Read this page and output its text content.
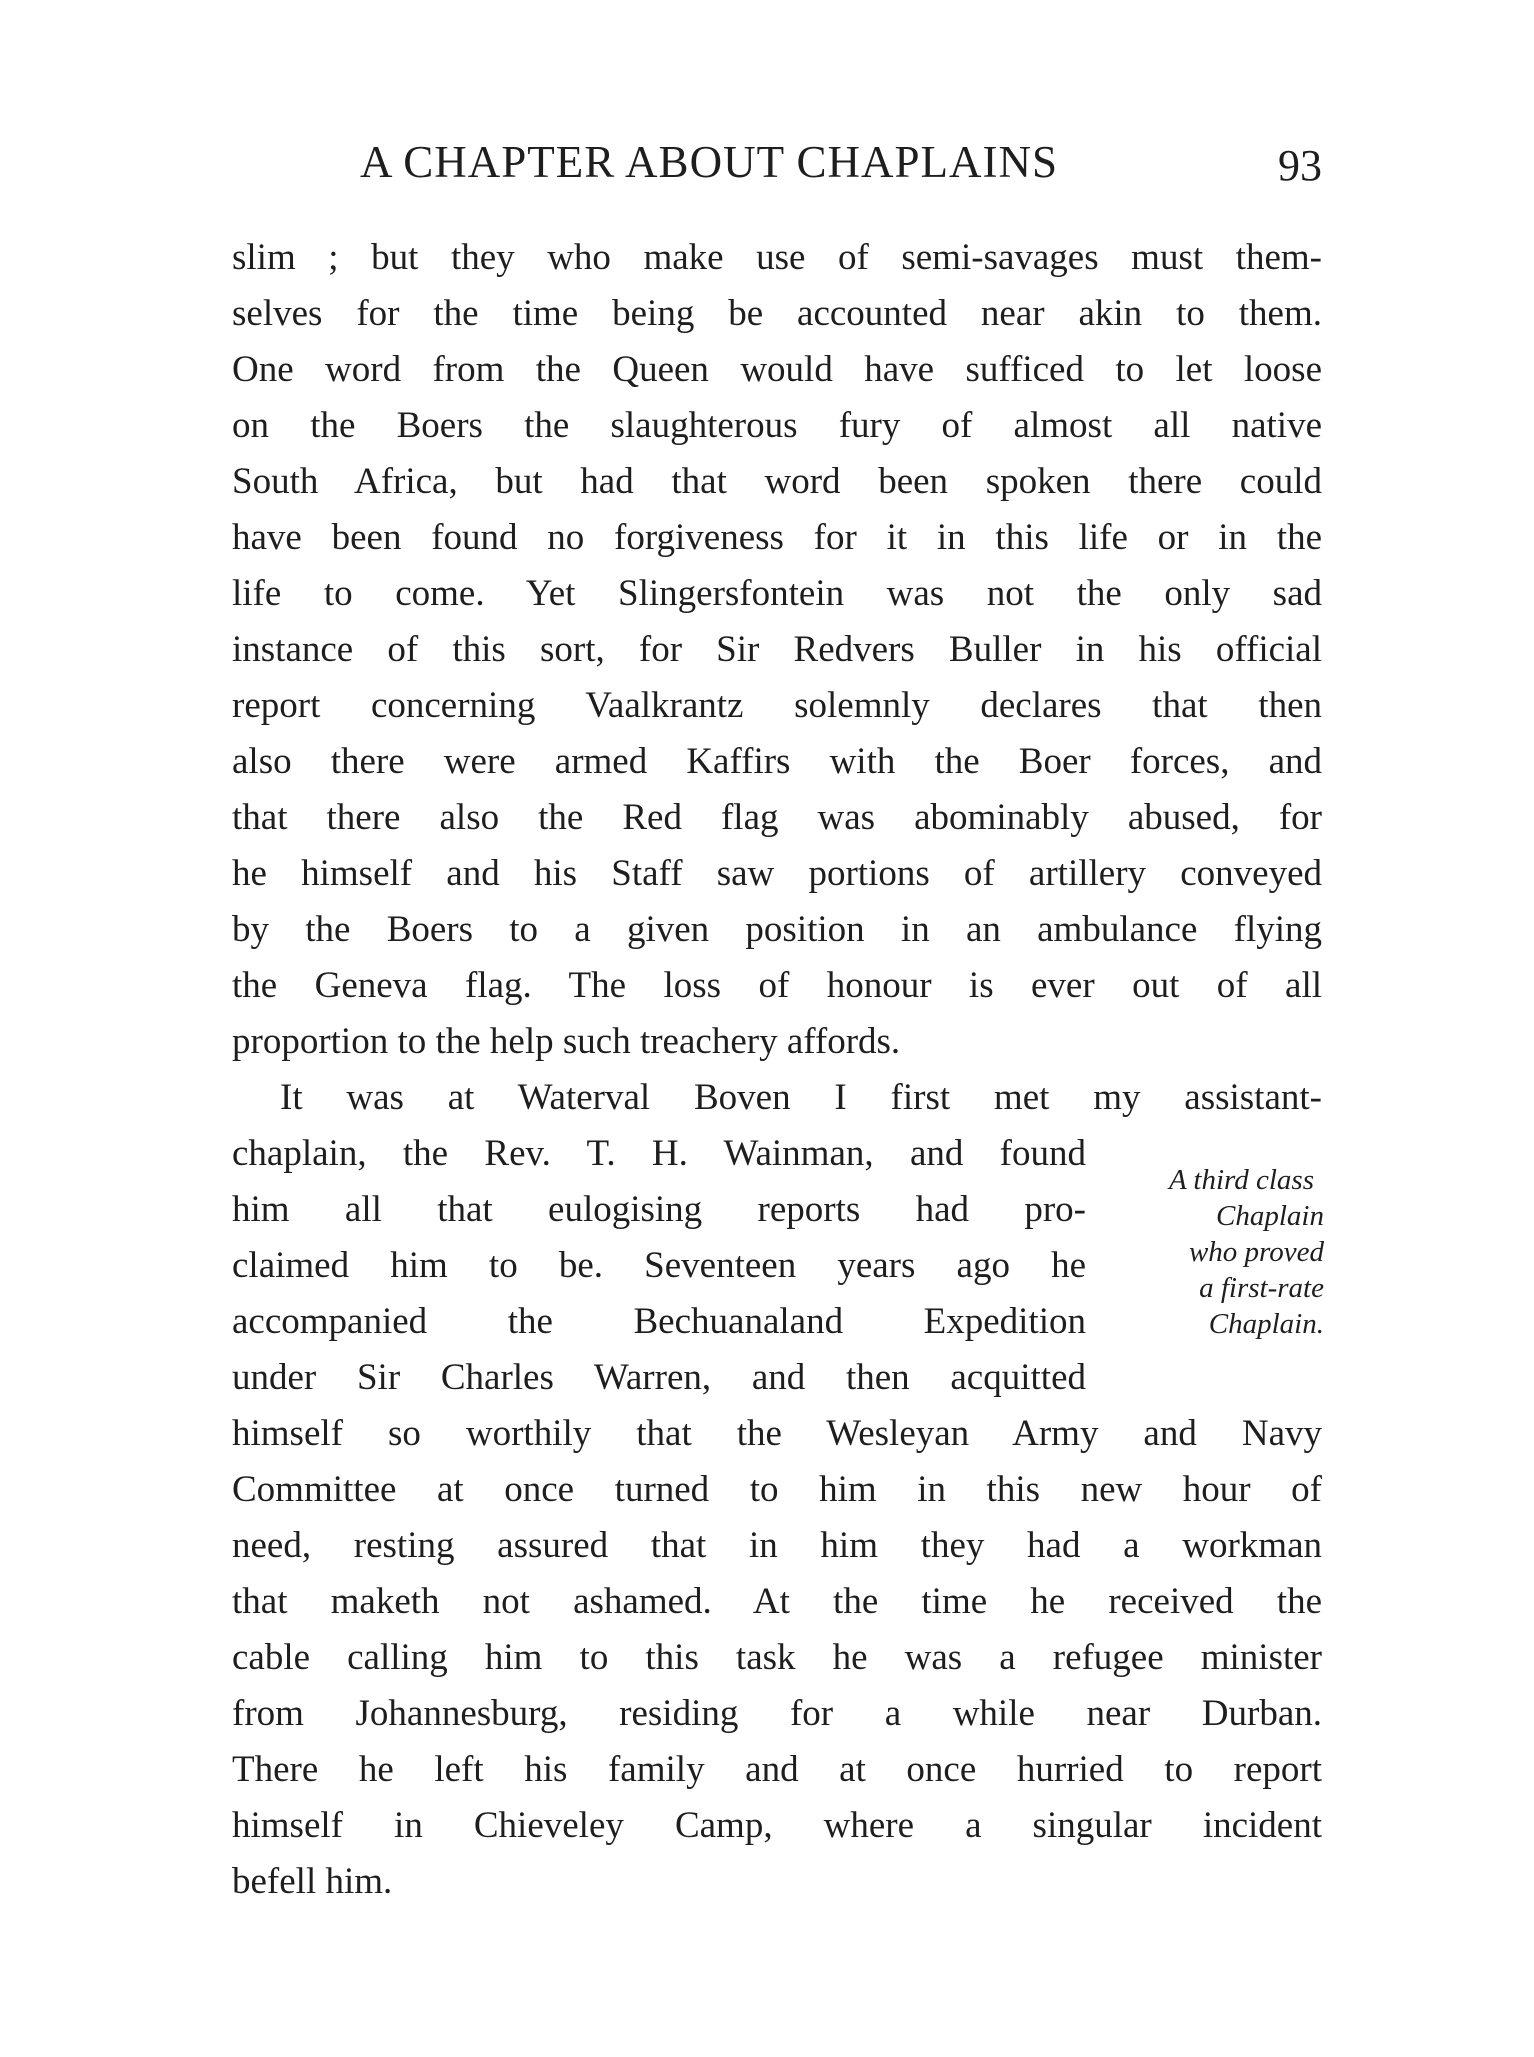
A CHAPTER ABOUT CHAPLAINS	93
slim ; but they who make use of semi-savages must them-
selves for the time being be accounted near akin to them.
One word from the Queen would have sufficed to let loose
on the Boers the slaughterous fury of almost all native
South Africa, but had that word been spoken there could
have been found no forgiveness for it in this life or in the
life to come. Yet Slingersfontein was not the only sad
instance of this sort, for Sir Redvers Buller in his official
report concerning Vaalkrantz solemnly declares that then
also there were armed Kaffirs with the Boer forces, and
that there also the Red flag was abominably abused, for
he himself and his Staff saw portions of artillery conveyed
by the Boers to a given position in an ambulance flying
the Geneva flag. The loss of honour is ever out of all
proportion to the help such treachery affords.
It was at Waterval Boven I first met my assistant-
chaplain, the Rev. T. H. Wainman, and found
him all that eulogising reports had pro-
claimed him to be. Seventeen years ago he
accompanied the Bechuanaland Expedition
under Sir Charles Warren, and then acquitted
himself so worthily that the Wesleyan Army and Navy
Committee at once turned to him in this new hour of
need, resting assured that in him they had a workman
that maketh not ashamed. At the time he received the
cable calling him to this task he was a refugee minister
from Johannesburg, residing for a while near Durban.
There he left his family and at once hurried to report
himself in Chieveley Camp, where a singular incident
befell him.
A third class
Chaplain
who proved
a first-rate
Chaplain.
